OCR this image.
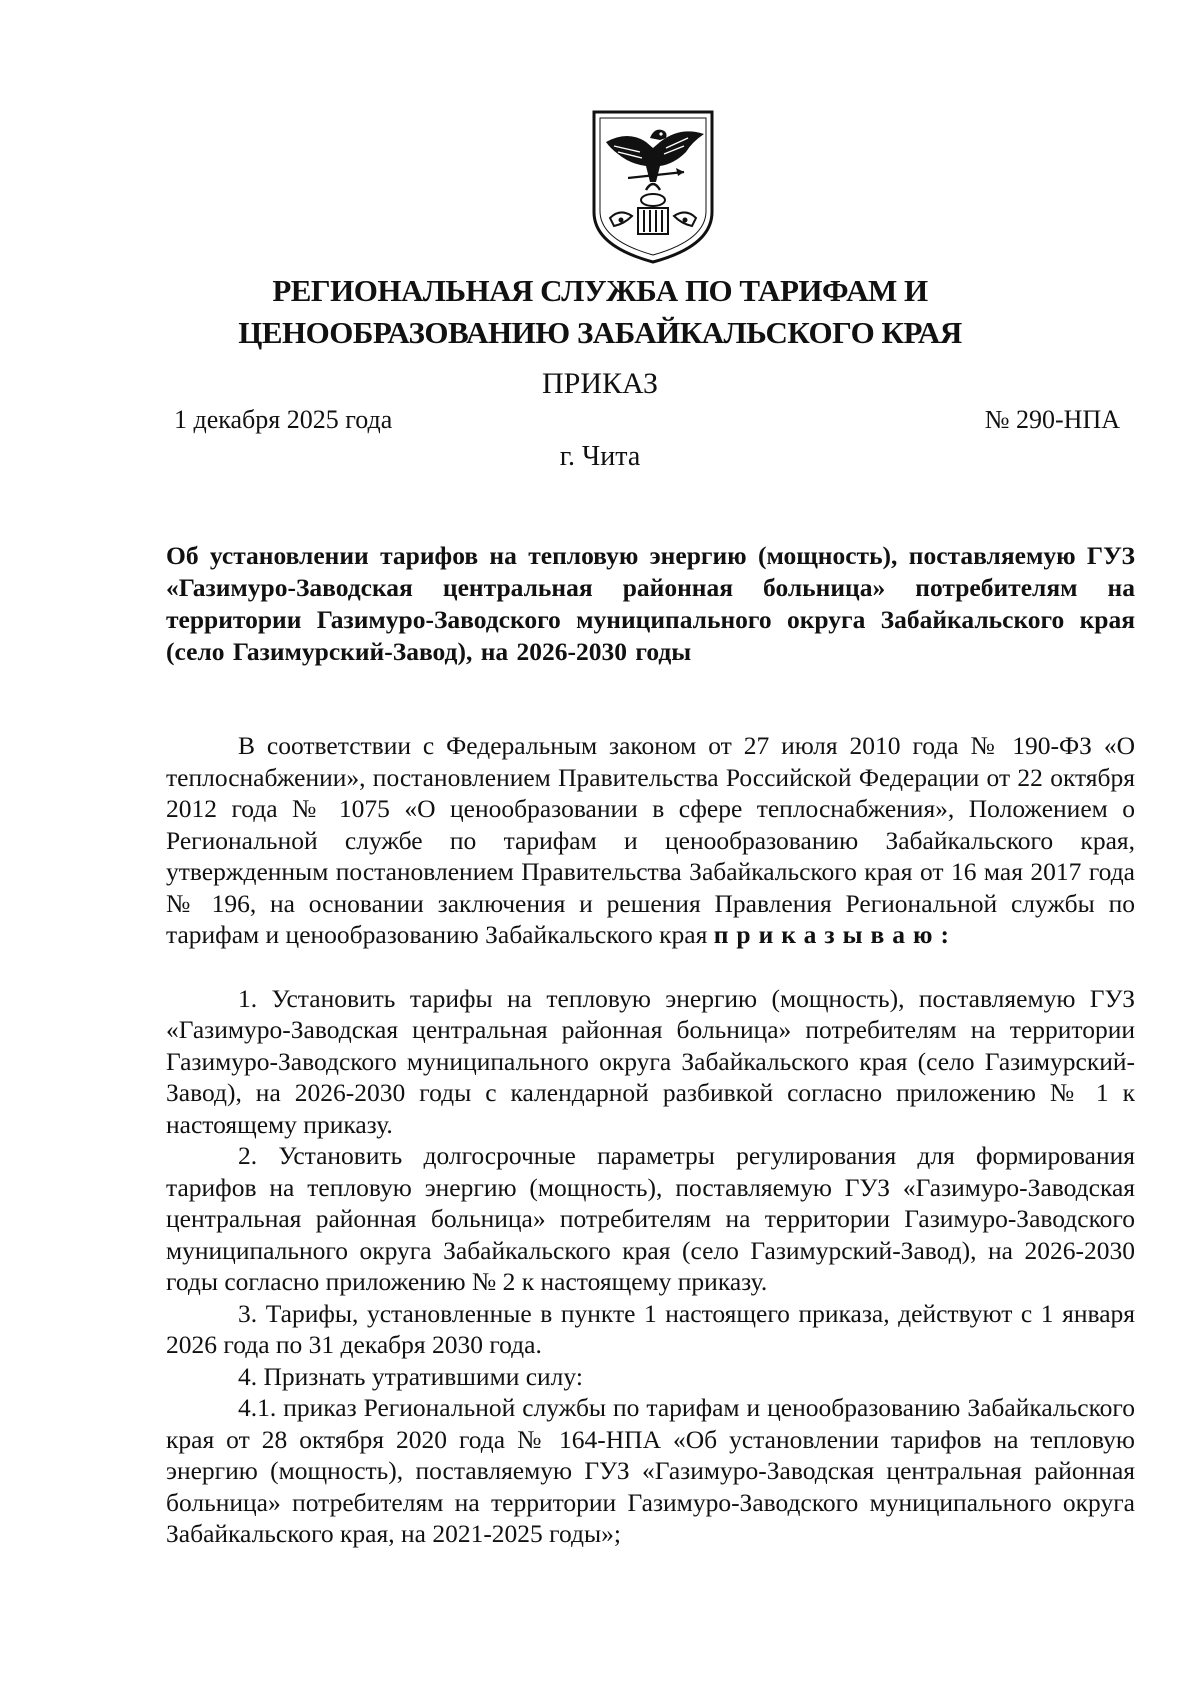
РЕГИОНАЛЬНАЯ СЛУЖБА ПО ТАРИФАМ И
ЦЕНООБРАЗОВАНИЮ ЗАБАЙКАЛЬСКОГО КРАЯ
ПРИКАЗ
1 декабря 2025 года	№ 290-НПА
г. Чита
Об установлении тарифов на тепловую энергию (мощность), поставляемую ГУЗ «Газимуро-Заводская центральная районная больница» потребителям на территории Газимуро-Заводского муниципального округа Забайкальского края (село Газимурский-Завод), на 2026-2030 годы

В соответствии с Федеральным законом от 27 июля 2010 года № 190-ФЗ «О теплоснабжении», постановлением Правительства Российской Федерации от 22 октября 2012 года № 1075 «О ценообразовании в сфере теплоснабжения», Положением о Региональной службе по тарифам и ценообразованию Забайкальского края, утвержденным постановлением Правительства Забайкальского края от 16 мая 2017 года № 196, на основании заключения и решения Правления Региональной службы по тарифам и ценообразованию Забайкальского края приказываю:

1. Установить тарифы на тепловую энергию (мощность), поставляемую ГУЗ «Газимуро-Заводская центральная районная больница» потребителям на территории Газимуро-Заводского муниципального округа Забайкальского края (село Газимурский-Завод), на 2026-2030 годы с календарной разбивкой согласно приложению № 1 к настоящему приказу.

2. Установить долгосрочные параметры регулирования для формирования тарифов на тепловую энергию (мощность), поставляемую ГУЗ «Газимуро-Заводская центральная районная больница» потребителям на территории Газимуро-Заводского муниципального округа Забайкальского края (село Газимурский-Завод), на 2026-2030 годы согласно приложению № 2 к настоящему приказу.

3. Тарифы, установленные в пункте 1 настоящего приказа, действуют с 1 января 2026 года по 31 декабря 2030 года.

4. Признать утратившими силу:

4.1. приказ Региональной службы по тарифам и ценообразованию Забайкальского края от 28 октября 2020 года № 164-НПА «Об установлении тарифов на тепловую энергию (мощность), поставляемую ГУЗ «Газимуро-Заводская центральная районная больница» потребителям на территории Газимуро-Заводского муниципального округа Забайкальского края, на 2021-2025 годы»;
